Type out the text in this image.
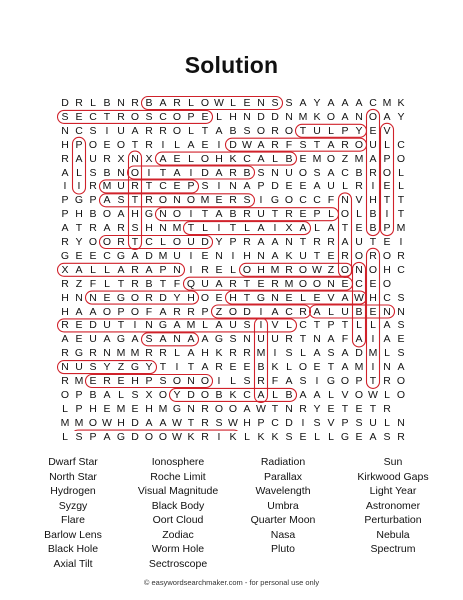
Solution
D R L B N R B A R L O W L E N S S A Y A A A C M K
S E C T R O S C O P E L H N D D N M K O A N O A Y
N C S I U A R R O L T A B S O R O T U L P Y E V
H P O E O T R I L A E I D W A R F S T A R O U L C
R A U R X N X A E L O H K C A L B E M O Z M A P O
A L S B N O I T A I D A R B S N U O S A C B R O L
I	I R M U R T C E P S I N A P D E E A U L R I E L
P G P A S T R O N O M E R S I G O C C F N V H T T
P H B O A H G N O I T A B R U T R E P L O L B I T
A T R A R S H N M T L I T L A I X A L A T E B P M
R Y O O R T C L O U D Y P R A A N T R R A U T E I
G E E C G A D M U I E N I H N A K U T E R O R O R
X A L L A R A P N I R E L O H M R O W Z O N O H C
R Z F L T R B T F Q U A R T E R M O O N E C E O
H N N E G O R D Y H O E H T G N E L E V A W H C S
H A A O P O F A R R P Z O D I A C R A L U B E N N
R E D U T I N G A M L A U S I V L C T P T L L A S
A E U A G A S A N A A G S N U U R T N A F A I A E
R G R N M M R R L A H K R R M I S L A S A D M L S
N U S Y Z G Y T I T A R E E B K L O E T A M I N A
R M E R E H P S O N O I L S R F A S I G O P T R O
O P B A L S X O Y D O B K C A L B A A L V O W L O
L P H E M E H M G N R O O A W T N R Y E T E T R
M M O W H D A A W T R S W H P C D I S V P S U L N
L S P A G D O O W K R I K L K K S E L L G E A S R
Dwarf Star
North Star
Hydrogen
Syzgy
Flare
Barlow Lens
Black Hole
Axial Tilt
Ionosphere
Roche Limit
Visual Magnitude
Black Body
Oort Cloud
Zodiac
Worm Hole
Sectroscope
Radiation
Parallax
Wavelength
Umbra
Quarter Moon
Nasa
Pluto
Sun
Kirkwood Gaps
Light Year
Astronomer
Perturbation
Nebula
Spectrum
© easywordsearchmaker.com - for personal use only
